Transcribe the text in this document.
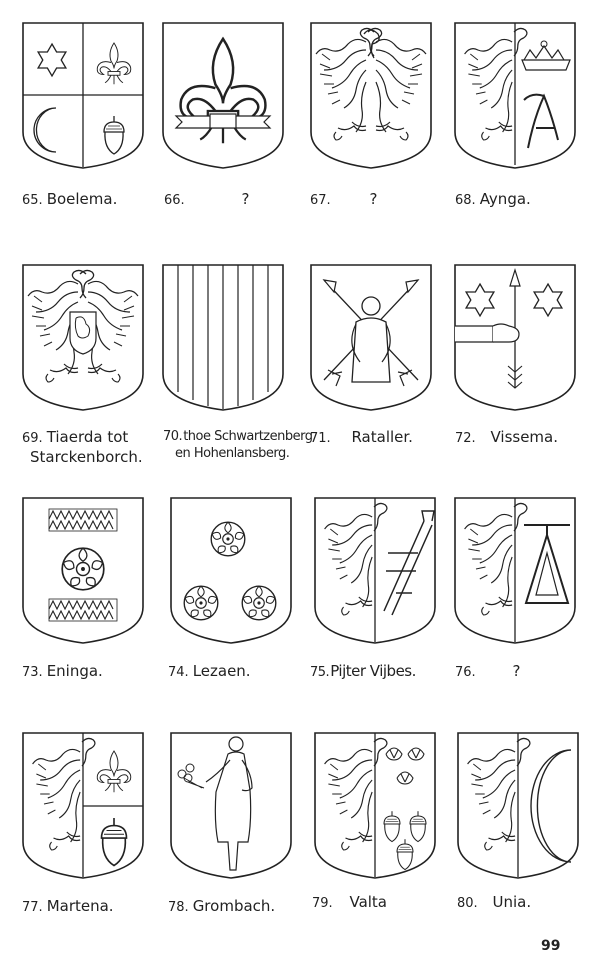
65. Boelema.	66.	?	67.	?	68. Aynga.
69. Tiaerda tot
Starckenborch.
70.thoe Schwartzenberg
en Hohenlansberg.
71. Rataller.	72. Vissema.
73. Eninga.	74. Lezaen.	75.Pijter Vijbes.	76. ?
77. Martena.	78. Grombach.	79. Valta	80. Unia.
99
